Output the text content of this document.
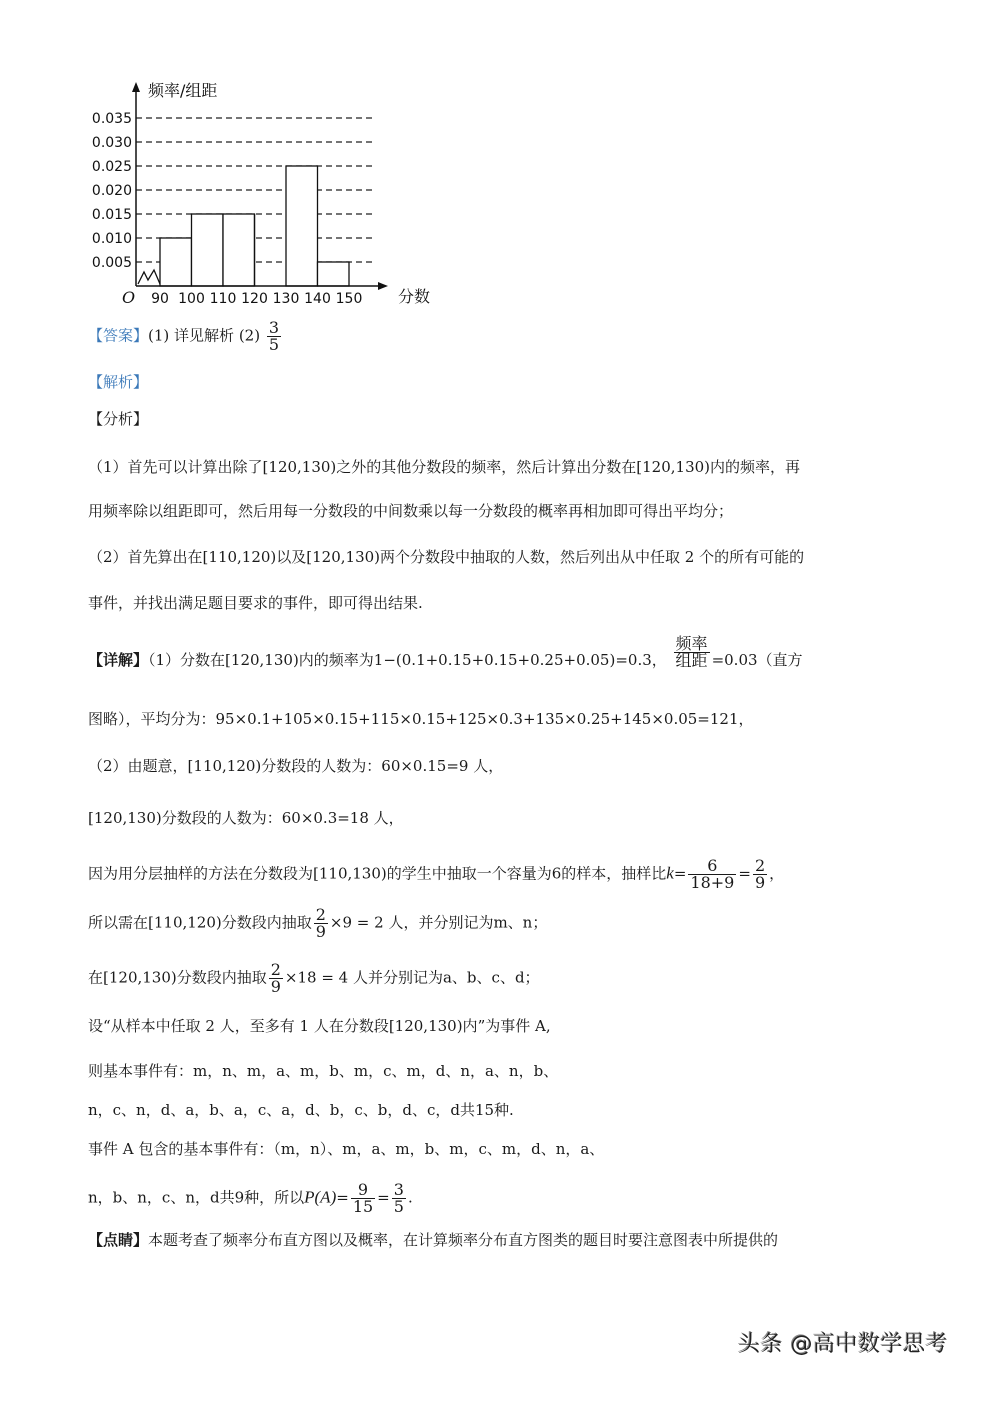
频率/组距
分数
O
0.005
0.010
0.015
0.020
0.025
0.030
0.035
90 100 110 120 130 140 150
【答案】(1) 详见解析 $(2) \frac{3}{5}$
【解析】
【分析】
（1）首先可以计算出除了[120,130)之外的其他分数段的频率，然后计算出分数在[120,130)内的频率，再
用频率除以组距即可，然后用每一分数段的中间数乘以每一分数段的概率再相加即可得出平均分；
（2）首先算出在[110,120)以及[120,130)两个分数段中抽取的人数，然后列出从中任取 2 个的所有可能的
事件，并找出满足题目要求的事件，即可得出结果.
【详解】（1）分数在[120,130)内的频率为1−(0.1+0.15+0.15+0.25+0.05)=0.3， $\frac{\text{频率}}{\text{组距}} =0.03$（直方
图略），平均分为：95×0.1+105×0.15+115×0.15+125×0.3+135×0.25+145×0.05=121，
（2）由题意，[110,120)分数段的人数为：60×0.15=9 人，
[120,130)分数段的人数为：60×0.3=18 人，
因为用分层抽样的方法在分数段为[110,130)的学生中抽取一个容量为6的样本，抽样比$k= \frac{6}{18+9} = \frac{2}{9}$ ，
所以需在[110,120)分数段内抽取 $\frac{2}{9} \times 9 = 2$ 人，并分别记为m、n；
在[120,130)分数段内抽取 $\frac{2}{9} \times 18 = 4$ 人并分别记为a、b、c、d；
设“从样本中任取 2 人，至多有 1 人在分数段[120,130)内”为事件 A,
则基本事件有：m，n、m，a、m，b、m，c、m，d、n，a、n，b、
n，c、n，d、a，b、a，c、a，d、b，c、b，d、c，d共15种.
事件 A 包含的基本事件有：（m，n）、m，a、m，b、m，c、m，d、n，a、
n，b、n，c、n，d共9种，所以$P(A)= \frac{9}{15} = \frac{3}{5}$ .
【点睛】本题考查了频率分布直方图以及概率，在计算频率分布直方图类的题目时要注意图表中所提供的
头条 @高中数学思考
